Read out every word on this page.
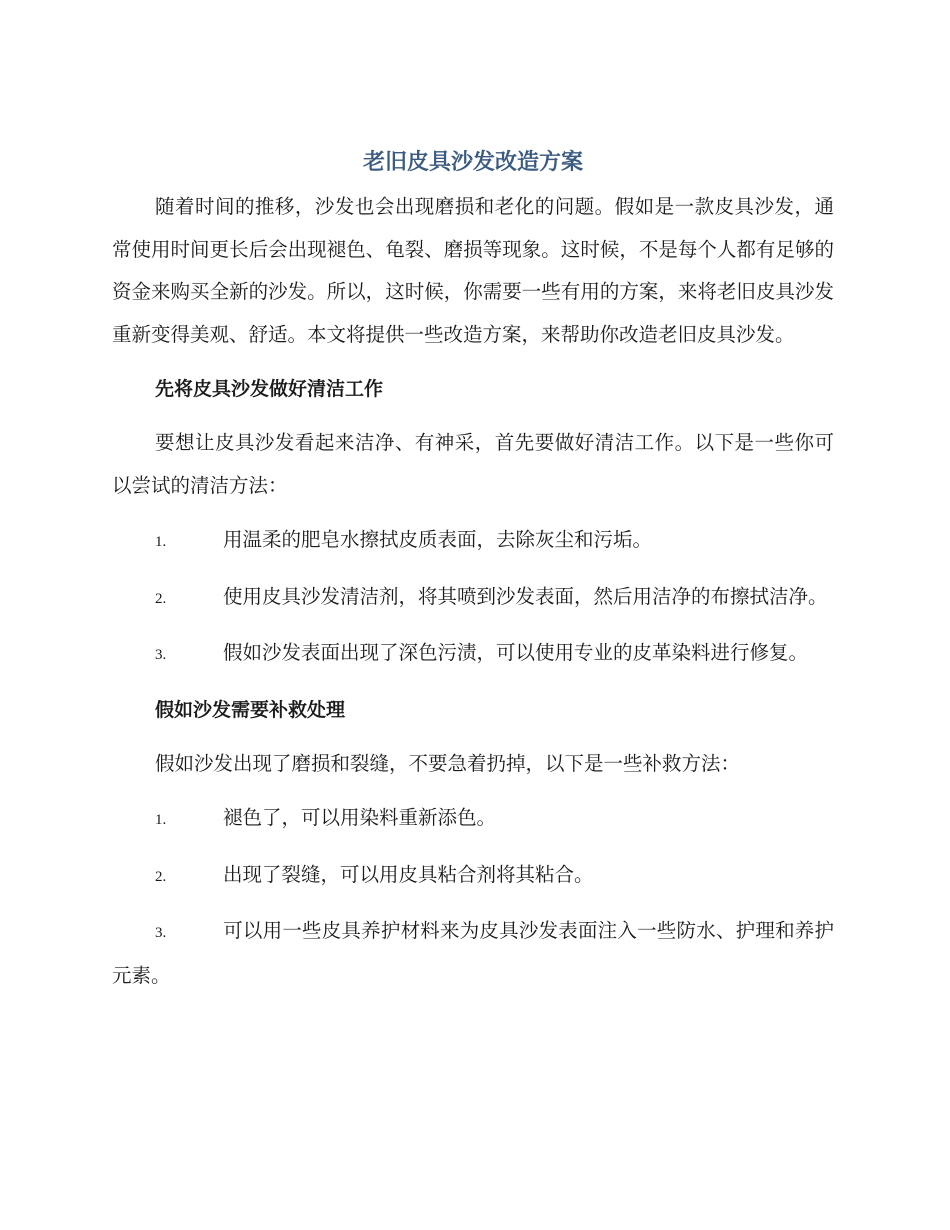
老旧皮具沙发改造方案

随着时间的推移，沙发也会出现磨损和老化的问题。假如是一款皮具沙发，通常使用时间更长后会出现褪色、龟裂、磨损等现象。这时候，不是每个人都有足够的资金来购买全新的沙发。所以，这时候，你需要一些有用的方案，来将老旧皮具沙发重新变得美观、舒适。本文将提供一些改造方案，来帮助你改造老旧皮具沙发。

先将皮具沙发做好清洁工作

要想让皮具沙发看起来洁净、有神采，首先要做好清洁工作。以下是一些你可以尝试的清洁方法：

1.	用温柔的肥皂水擦拭皮质表面，去除灰尘和污垢。

2.	使用皮具沙发清洁剂，将其喷到沙发表面，然后用洁净的布擦拭洁净。

3.	假如沙发表面出现了深色污渍，可以使用专业的皮革染料进行修复。

假如沙发需要补救处理

假如沙发出现了磨损和裂缝，不要急着扔掉，以下是一些补救方法：

1.	褪色了，可以用染料重新添色。

2.	出现了裂缝，可以用皮具粘合剂将其粘合。

3.	可以用一些皮具养护材料来为皮具沙发表面注入一些防水、护理和养护元素。
